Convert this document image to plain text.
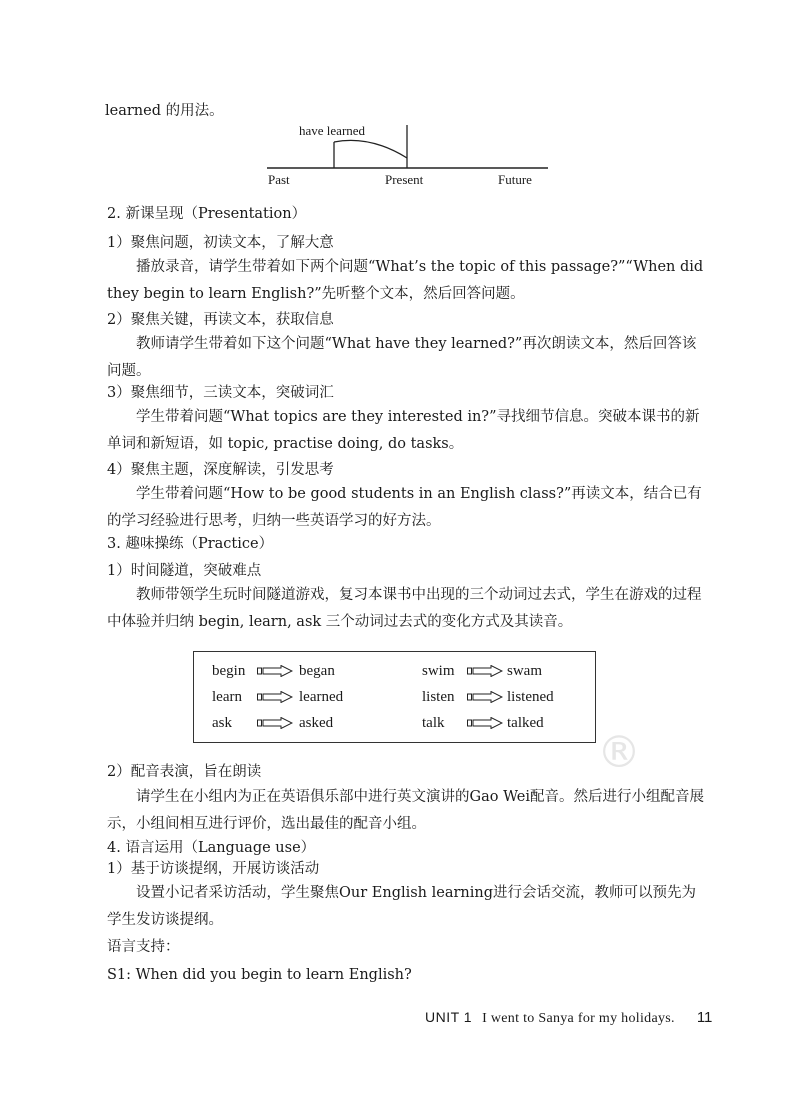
learned 的用法。
have learned
Past	Present	Future
2. 新课呈现（Presentation）
1）聚焦问题，初读文本，了解大意
播放录音，请学生带着如下两个问题“What’s the topic of this passage?”“When did they begin to learn English?”先听整个文本，然后回答问题。
2）聚焦关键，再读文本，获取信息
教师请学生带着如下这个问题“What have they learned?”再次朗读文本，然后回答该问题。
3）聚焦细节，三读文本，突破词汇
学生带着问题“What topics are they interested in?”寻找细节信息。突破本课书的新单词和新短语，如 topic, practise doing, do tasks。
4）聚焦主题，深度解读，引发思考
学生带着问题“How to be good students in an English class?”再读文本，结合已有的学习经验进行思考，归纳一些英语学习的好方法。
3. 趣味操练（Practice）
1）时间隧道，突破难点
教师带领学生玩时间隧道游戏，复习本课书中出现的三个动词过去式，学生在游戏的过程中体验并归纳 begin, learn, ask 三个动词过去式的变化方式及其读音。
begin	began	swim	swam
learn	learned	listen	listened
ask	asked	talk	talked
®
2）配音表演，旨在朗读
请学生在小组内为正在英语俱乐部中进行英文演讲的Gao Wei配音。然后进行小组配音展示，小组间相互进行评价，选出最佳的配音小组。
4. 语言运用（Language use）
1）基于访谈提纲，开展访谈活动
设置小记者采访活动，学生聚焦Our English learning进行会话交流，教师可以预先为学生发访谈提纲。
UNIT 1 I went to Sanya for my holidays. 11
语言支持：
S1: When did you begin to learn English?
